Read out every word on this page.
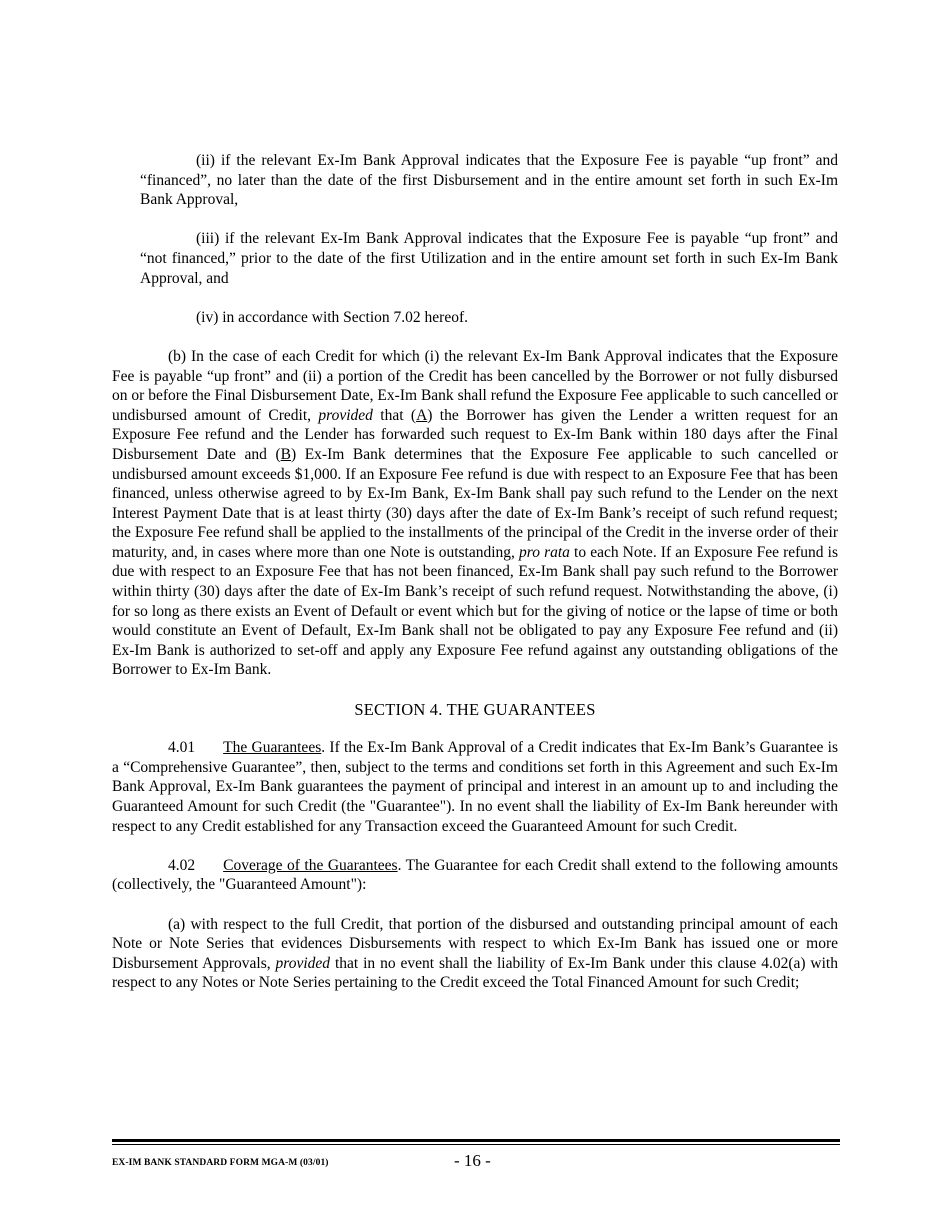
(ii) if the relevant Ex-Im Bank Approval indicates that the Exposure Fee is payable “up front” and “financed”, no later than the date of the first Disbursement and in the entire amount set forth in such Ex-Im Bank Approval,

(iii) if the relevant Ex-Im Bank Approval indicates that the Exposure Fee is payable “up front” and “not financed,” prior to the date of the first Utilization and in the entire amount set forth in such Ex-Im Bank Approval, and

(iv) in accordance with Section 7.02 hereof.

(b) In the case of each Credit for which (i) the relevant Ex-Im Bank Approval indicates that the Exposure Fee is payable “up front” and (ii) a portion of the Credit has been cancelled by the Borrower or not fully disbursed on or before the Final Disbursement Date, Ex-Im Bank shall refund the Exposure Fee applicable to such cancelled or undisbursed amount of Credit, provided that (A) the Borrower has given the Lender a written request for an Exposure Fee refund and the Lender has forwarded such request to Ex-Im Bank within 180 days after the Final Disbursement Date and (B) Ex-Im Bank determines that the Exposure Fee applicable to such cancelled or undisbursed amount exceeds $1,000. If an Exposure Fee refund is due with respect to an Exposure Fee that has been financed, unless otherwise agreed to by Ex-Im Bank, Ex-Im Bank shall pay such refund to the Lender on the next Interest Payment Date that is at least thirty (30) days after the date of Ex-Im Bank’s receipt of such refund request; the Exposure Fee refund shall be applied to the installments of the principal of the Credit in the inverse order of their maturity, and, in cases where more than one Note is outstanding, pro rata to each Note. If an Exposure Fee refund is due with respect to an Exposure Fee that has not been financed, Ex-Im Bank shall pay such refund to the Borrower within thirty (30) days after the date of Ex-Im Bank’s receipt of such refund request. Notwithstanding the above, (i) for so long as there exists an Event of Default or event which but for the giving of notice or the lapse of time or both would constitute an Event of Default, Ex-Im Bank shall not be obligated to pay any Exposure Fee refund and (ii) Ex-Im Bank is authorized to set-off and apply any Exposure Fee refund against any outstanding obligations of the Borrower to Ex-Im Bank.

SECTION 4. THE GUARANTEES

4.01 The Guarantees. If the Ex-Im Bank Approval of a Credit indicates that Ex-Im Bank’s Guarantee is a “Comprehensive Guarantee”, then, subject to the terms and conditions set forth in this Agreement and such Ex-Im Bank Approval, Ex-Im Bank guarantees the payment of principal and interest in an amount up to and including the Guaranteed Amount for such Credit (the "Guarantee"). In no event shall the liability of Ex-Im Bank hereunder with respect to any Credit established for any Transaction exceed the Guaranteed Amount for such Credit.

4.02 Coverage of the Guarantees. The Guarantee for each Credit shall extend to the following amounts (collectively, the "Guaranteed Amount"):

(a) with respect to the full Credit, that portion of the disbursed and outstanding principal amount of each Note or Note Series that evidences Disbursements with respect to which Ex-Im Bank has issued one or more Disbursement Approvals, provided that in no event shall the liability of Ex-Im Bank under this clause 4.02(a) with respect to any Notes or Note Series pertaining to the Credit exceed the Total Financed Amount for such Credit;

EX-IM BANK STANDARD FORM MGA-M (03/01)	- 16 -
